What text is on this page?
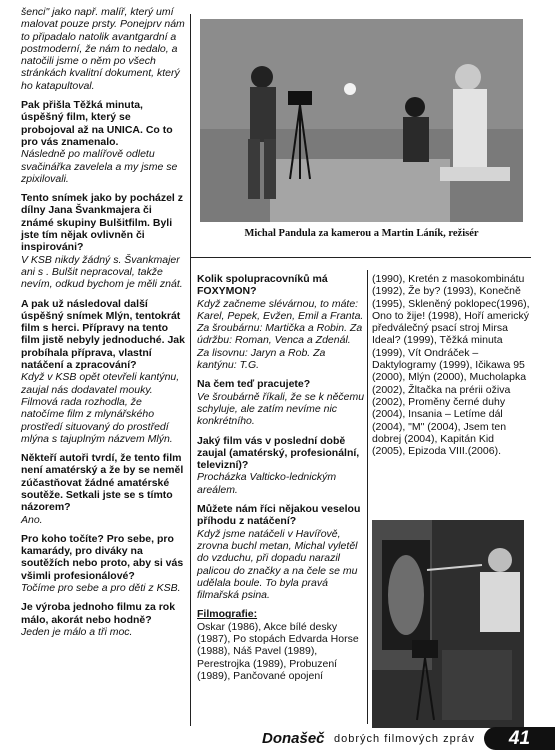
šenci" jako např. malíř, který umí malovat pouze prsty. Ponejprv nám to připadalo natolik avantgardní a postmoderní, že nám to nedalo, a natočili jsme o něm po všech stránkách kvalitní dokument, který ho katapultoval.

Pak přišla Těžká minuta, úspěšný film, který se probojoval až na UNICA. Co to pro vás znamenalo.
Následně po malířově odletu svačinářka zavelela a my jsme se zpixilovali.

Tento snímek jako by pocházel z dílny Jana Švankmajera či známé skupiny Bulšitfilm. Byli jste tím nějak ovlivněn či inspirováni?
V KSB nikdy žádný s. Švankmajer ani s . Bulšit nepracoval, takže nevím, odkud bychom je měli znát.

A pak už následoval další úspěšný snímek Mlýn, tentokrát film s herci. Přípravy na tento film jistě nebyly jednoduché. Jak probíhala příprava, vlastní natáčení a zpracování?
Když v KSB opět otevřeli kantýnu, zaujal nás dodavatel mouky. Filmová rada rozhodla, že natočíme film z mlynářského prostředí situovaný do prostředí mlýna s tajuplným názvem Mlýn.

Někteří autoři tvrdí, že tento film není amatérský a že by se neměl zúčastňovat žádné amatérské soutěže. Setkali jste se s tímto názorem?
Ano.

Pro koho točíte? Pro sebe, pro kamarády, pro diváky na soutěžích nebo proto, aby si vás všimli profesionálové?
Točíme pro sebe a pro děti z KSB.

Je výroba jednoho filmu za rok málo, akorát nebo hodně?
Jeden je málo a tři moc.

Michal Pandula za kamerou a Martin Láník, režisér

Kolik spolupracovníků má FOXYMON?
Když začneme slévárnou, to máte: Karel, Pepek, Evžen, Emil a Franta. Za šroubárnu: Martička a Robin. Za údržbu: Roman, Venca a Zdenál. Za lisovnu: Jaryn a Rob. Za kantýnu: T.G.

Na čem teď pracujete?
Ve šroubárně říkali, že se k něčemu schyluje, ale zatím nevíme nic konkrétního.

Jaký film vás v poslední době zaujal (amatérský, profesionální, televizní)?
Procházka Valticko-lednickým areálem.

Můžete nám říci nějakou veselou příhodu z natáčení?
Když jsme natáčeli v Havířově, zrovna buchl metan, Michal vyletěl do vzduchu, při dopadu narazil palicou do značky a na čele se mu udělala boule. To byla pravá filmařská psina.

Filmografie:
Oskar (1986), Akce bílé desky (1987), Po stopách Edvarda Horse (1988), Náš Pavel (1989), Perestrojka (1989), Probuzení (1989), Pančované opojení

(1990), Kretén z masokombinátu (1992), Že by? (1993), Konečně (1995), Skleněný poklopec(1996), Ono to žije! (1998), Hoří americký předválečný psací stroj Mirsa Ideal? (1999), Těžká minuta (1999), Vít Ondráček – Daktylogramy (1999), Ičikawa 95 (2000), Mlýn (2000), Mucholapka (2002), Žltačka na prérii oživa (2002), Proměny černé duhy (2004), Insania – Letíme dál (2004), "M" (2004), Jsem ten dobrej (2004), Kapitán Kid (2005), Epizoda VIII.(2006).

Donašeč dobrých filmových zpráv	41
